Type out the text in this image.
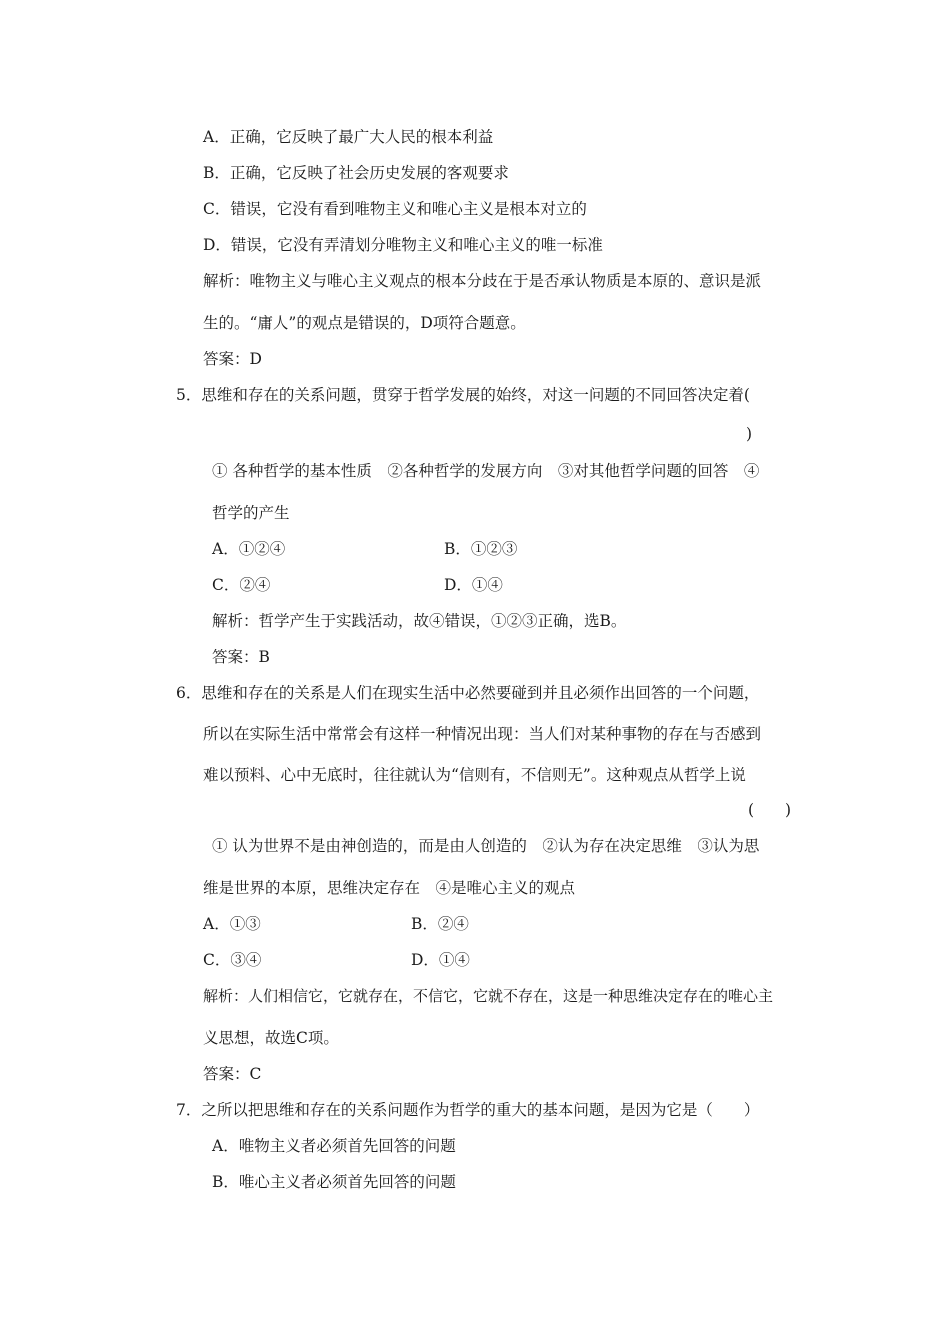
A．正确，它反映了最广大人民的根本利益
B．正确，它反映了社会历史发展的客观要求
C．错误，它没有看到唯物主义和唯心主义是根本对立的
D．错误，它没有弄清划分唯物主义和唯心主义的唯一标准
解析：唯物主义与唯心主义观点的根本分歧在于是否承认物质是本原的、意识是派
生的。“庸人”的观点是错误的，D项符合题意。
答案：D
5．思维和存在的关系问题，贯穿于哲学发展的始终，对这一问题的不同回答决定着(
)
① 各种哲学的基本性质　②各种哲学的发展方向　③对其他哲学问题的回答　④
哲学的产生
A．①②④	B．①②③
C．②④	D．①④
解析：哲学产生于实践活动，故④错误，①②③正确，选B。
答案：B
6．思维和存在的关系是人们在现实生活中必然要碰到并且必须作出回答的一个问题，
所以在实际生活中常常会有这样一种情况出现：当人们对某种事物的存在与否感到
难以预料、心中无底时，往往就认为“信则有，不信则无”。这种观点从哲学上说
(　　)
① 认为世界不是由神创造的，而是由人创造的　②认为存在决定思维　③认为思
维是世界的本原，思维决定存在　④是唯心主义的观点
A．①③	B．②④
C．③④	D．①④
解析：人们相信它，它就存在，不信它，它就不存在，这是一种思维决定存在的唯心主
义思想，故选C项。
答案：C
7．之所以把思维和存在的关系问题作为哲学的重大的基本问题，是因为它是（　　）
A．唯物主义者必须首先回答的问题
B．唯心主义者必须首先回答的问题
